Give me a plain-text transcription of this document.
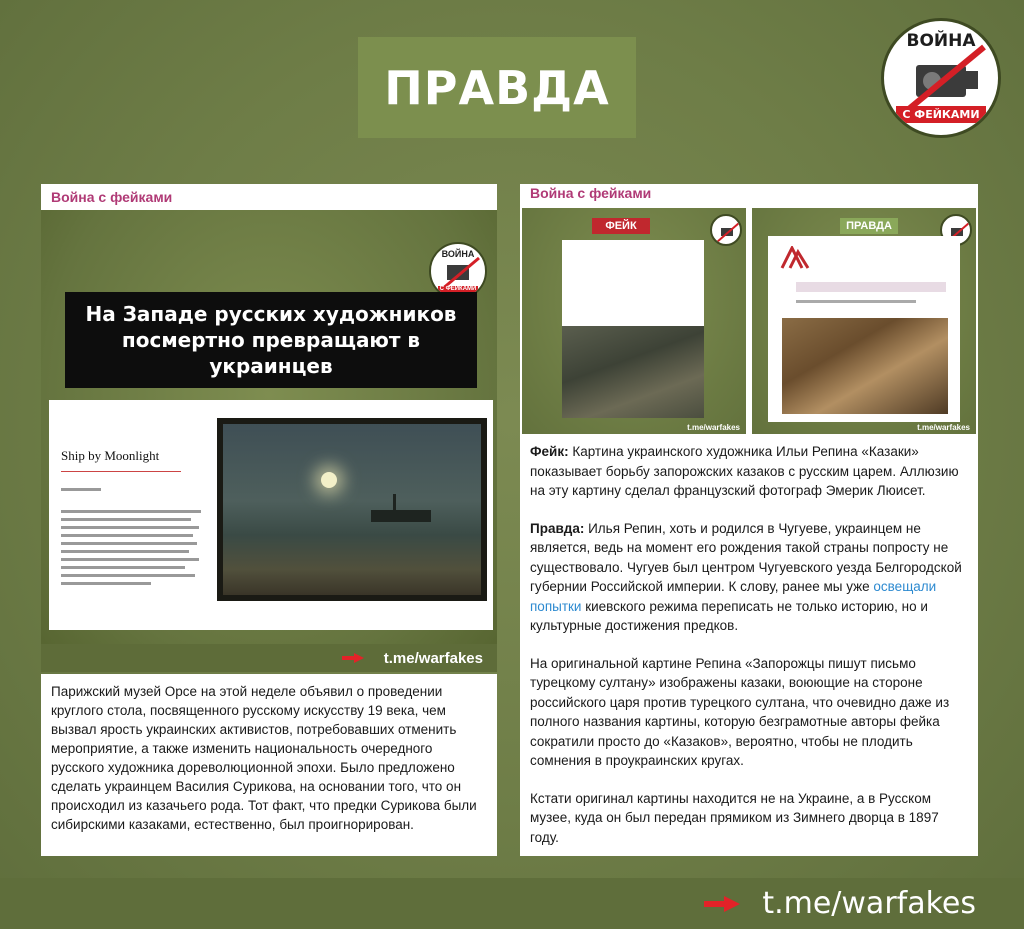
ПРАВДА
ВОЙНА
С ФЕЙКАМИ
Война с фейками
ВОЙНА
С ФЕЙКАМИ
На Западе русских художников посмертно превращают в украинцев
Ship by Moonlight
t.me/warfakes
Парижский музей Орсе на этой неделе объявил о проведении круглого стола, посвященного русскому искусству 19 века, чем вызвал ярость украинских активистов, потребовавших отменить мероприятие, а также изменить национальность очередного русского художника дореволюционной эпохи. Было предложено сделать украинцем Василия Сурикова, на основании того, что он происходил из казачьего рода. Тот факт, что предки Сурикова были сибирскими казаками, естественно, был проигнорирован.
Война с фейками
ФЕЙК
t.me/warfakes
ПРАВДА
t.me/warfakes

Фейк: Картина украинского художника Ильи Репина «Казаки» показывает борьбу запорожских казаков с русским царем. Аллюзию на эту картину сделал французский фотограф Эмерик Люисет.

Правда: Илья Репин, хоть и родился в Чугуеве, украинцем не является, ведь на момент его рождения такой страны попросту не существовало. Чугуев был центром Чугуевского уезда Белгородской губернии Российской империи. К слову, ранее мы уже освещали попытки киевского режима переписать не только историю, но и культурные достижения предков.

На оригинальной картине Репина «Запорожцы пишут письмо турецкому султану» изображены казаки, воюющие на стороне российского царя против турецкого султана, что очевидно даже из полного названия картины, которую безграмотные авторы фейка сократили просто до «Казаков», вероятно, чтобы не плодить сомнения в проукраинских кругах.

Кстати оригинал картины находится не на Украине, а в Русском музее, куда он был передан прямиком из Зимнего дворца в 1897 году.

t.me/warfakes
